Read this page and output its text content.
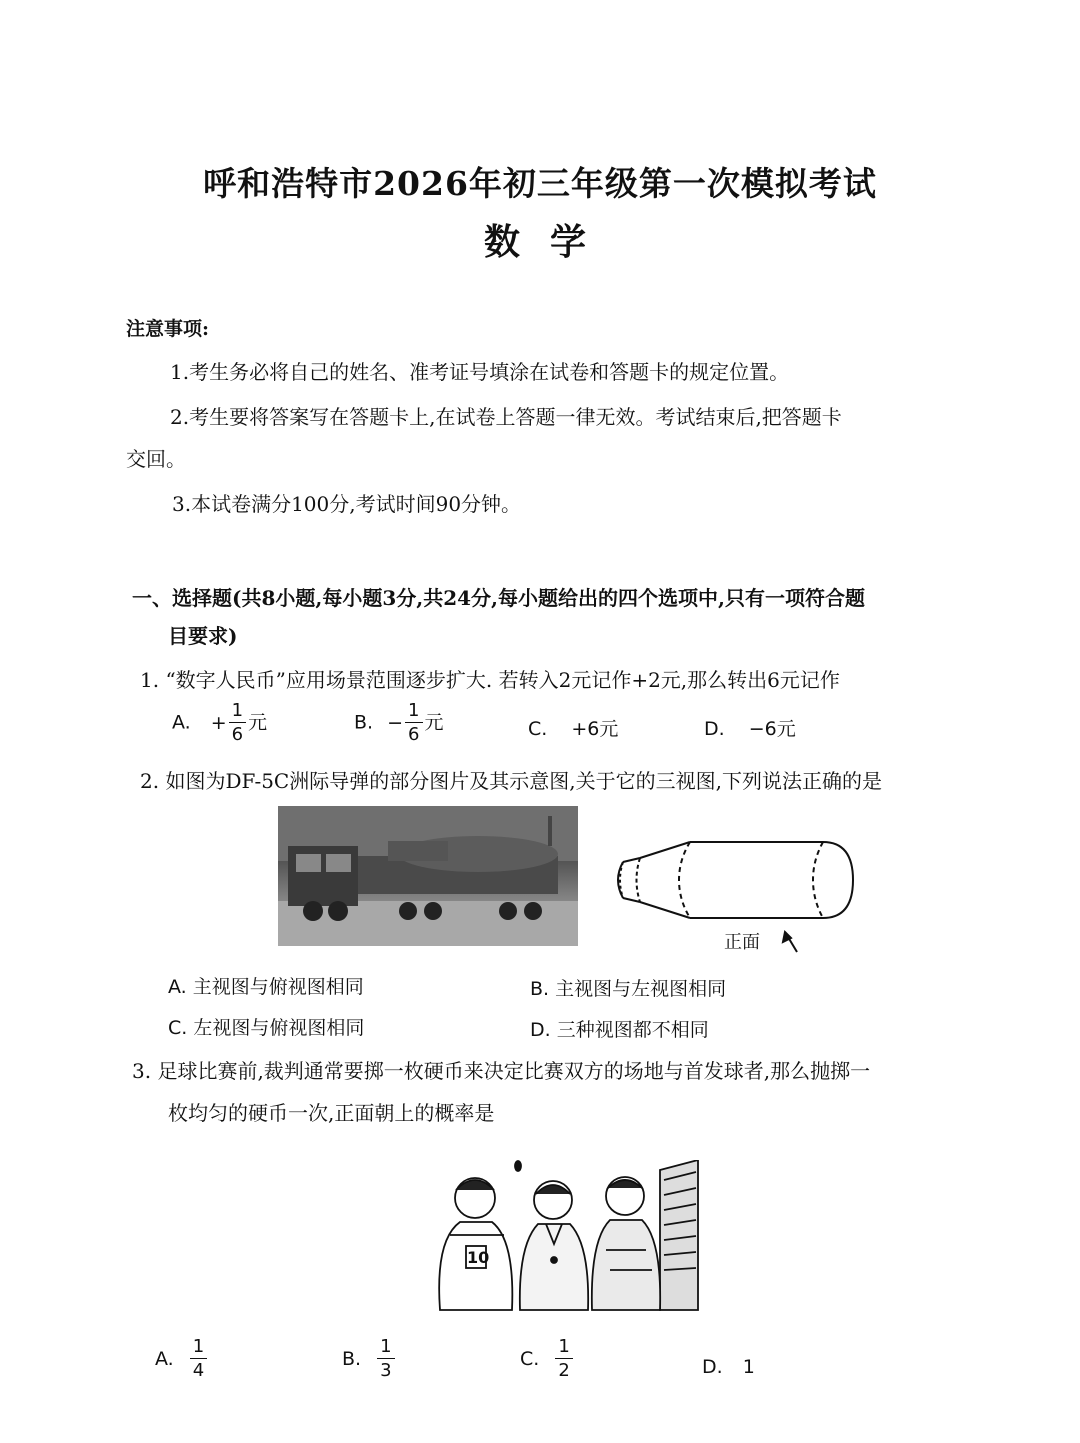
呼和浩特市2026年初三年级第一次模拟考试
数学
注意事项:
1.考生务必将自己的姓名、准考证号填涂在试卷和答题卡的规定位置。
2.考生要将答案写在答题卡上,在试卷上答题一律无效。考试结束后,把答题卡
交回。
3.本试卷满分100分,考试时间90分钟。
一、选择题(共8小题,每小题3分,共24分,每小题给出的四个选项中,只有一项符合题
目要求)
1. “数字人民币”应用场景范围逐步扩大. 若转入2元记作+2元,那么转出6元记作
A. + $\frac{1}{6}$ 元	B. − $\frac{1}{6}$ 元	C. +6元	D. −6元
2. 如图为DF-5C洲际导弹的部分图片及其示意图,关于它的三视图,下列说法正确的是
正面
A. 主视图与俯视图相同	B. 主视图与左视图相同
C. 左视图与俯视图相同	D. 三种视图都不相同
3. 足球比赛前,裁判通常要掷一枚硬币来决定比赛双方的场地与首发球者,那么抛掷一
枚均匀的硬币一次,正面朝上的概率是
10
A. $\frac{1}{4}$	B. $\frac{1}{3}$	C. $\frac{1}{2}$	D. 1
